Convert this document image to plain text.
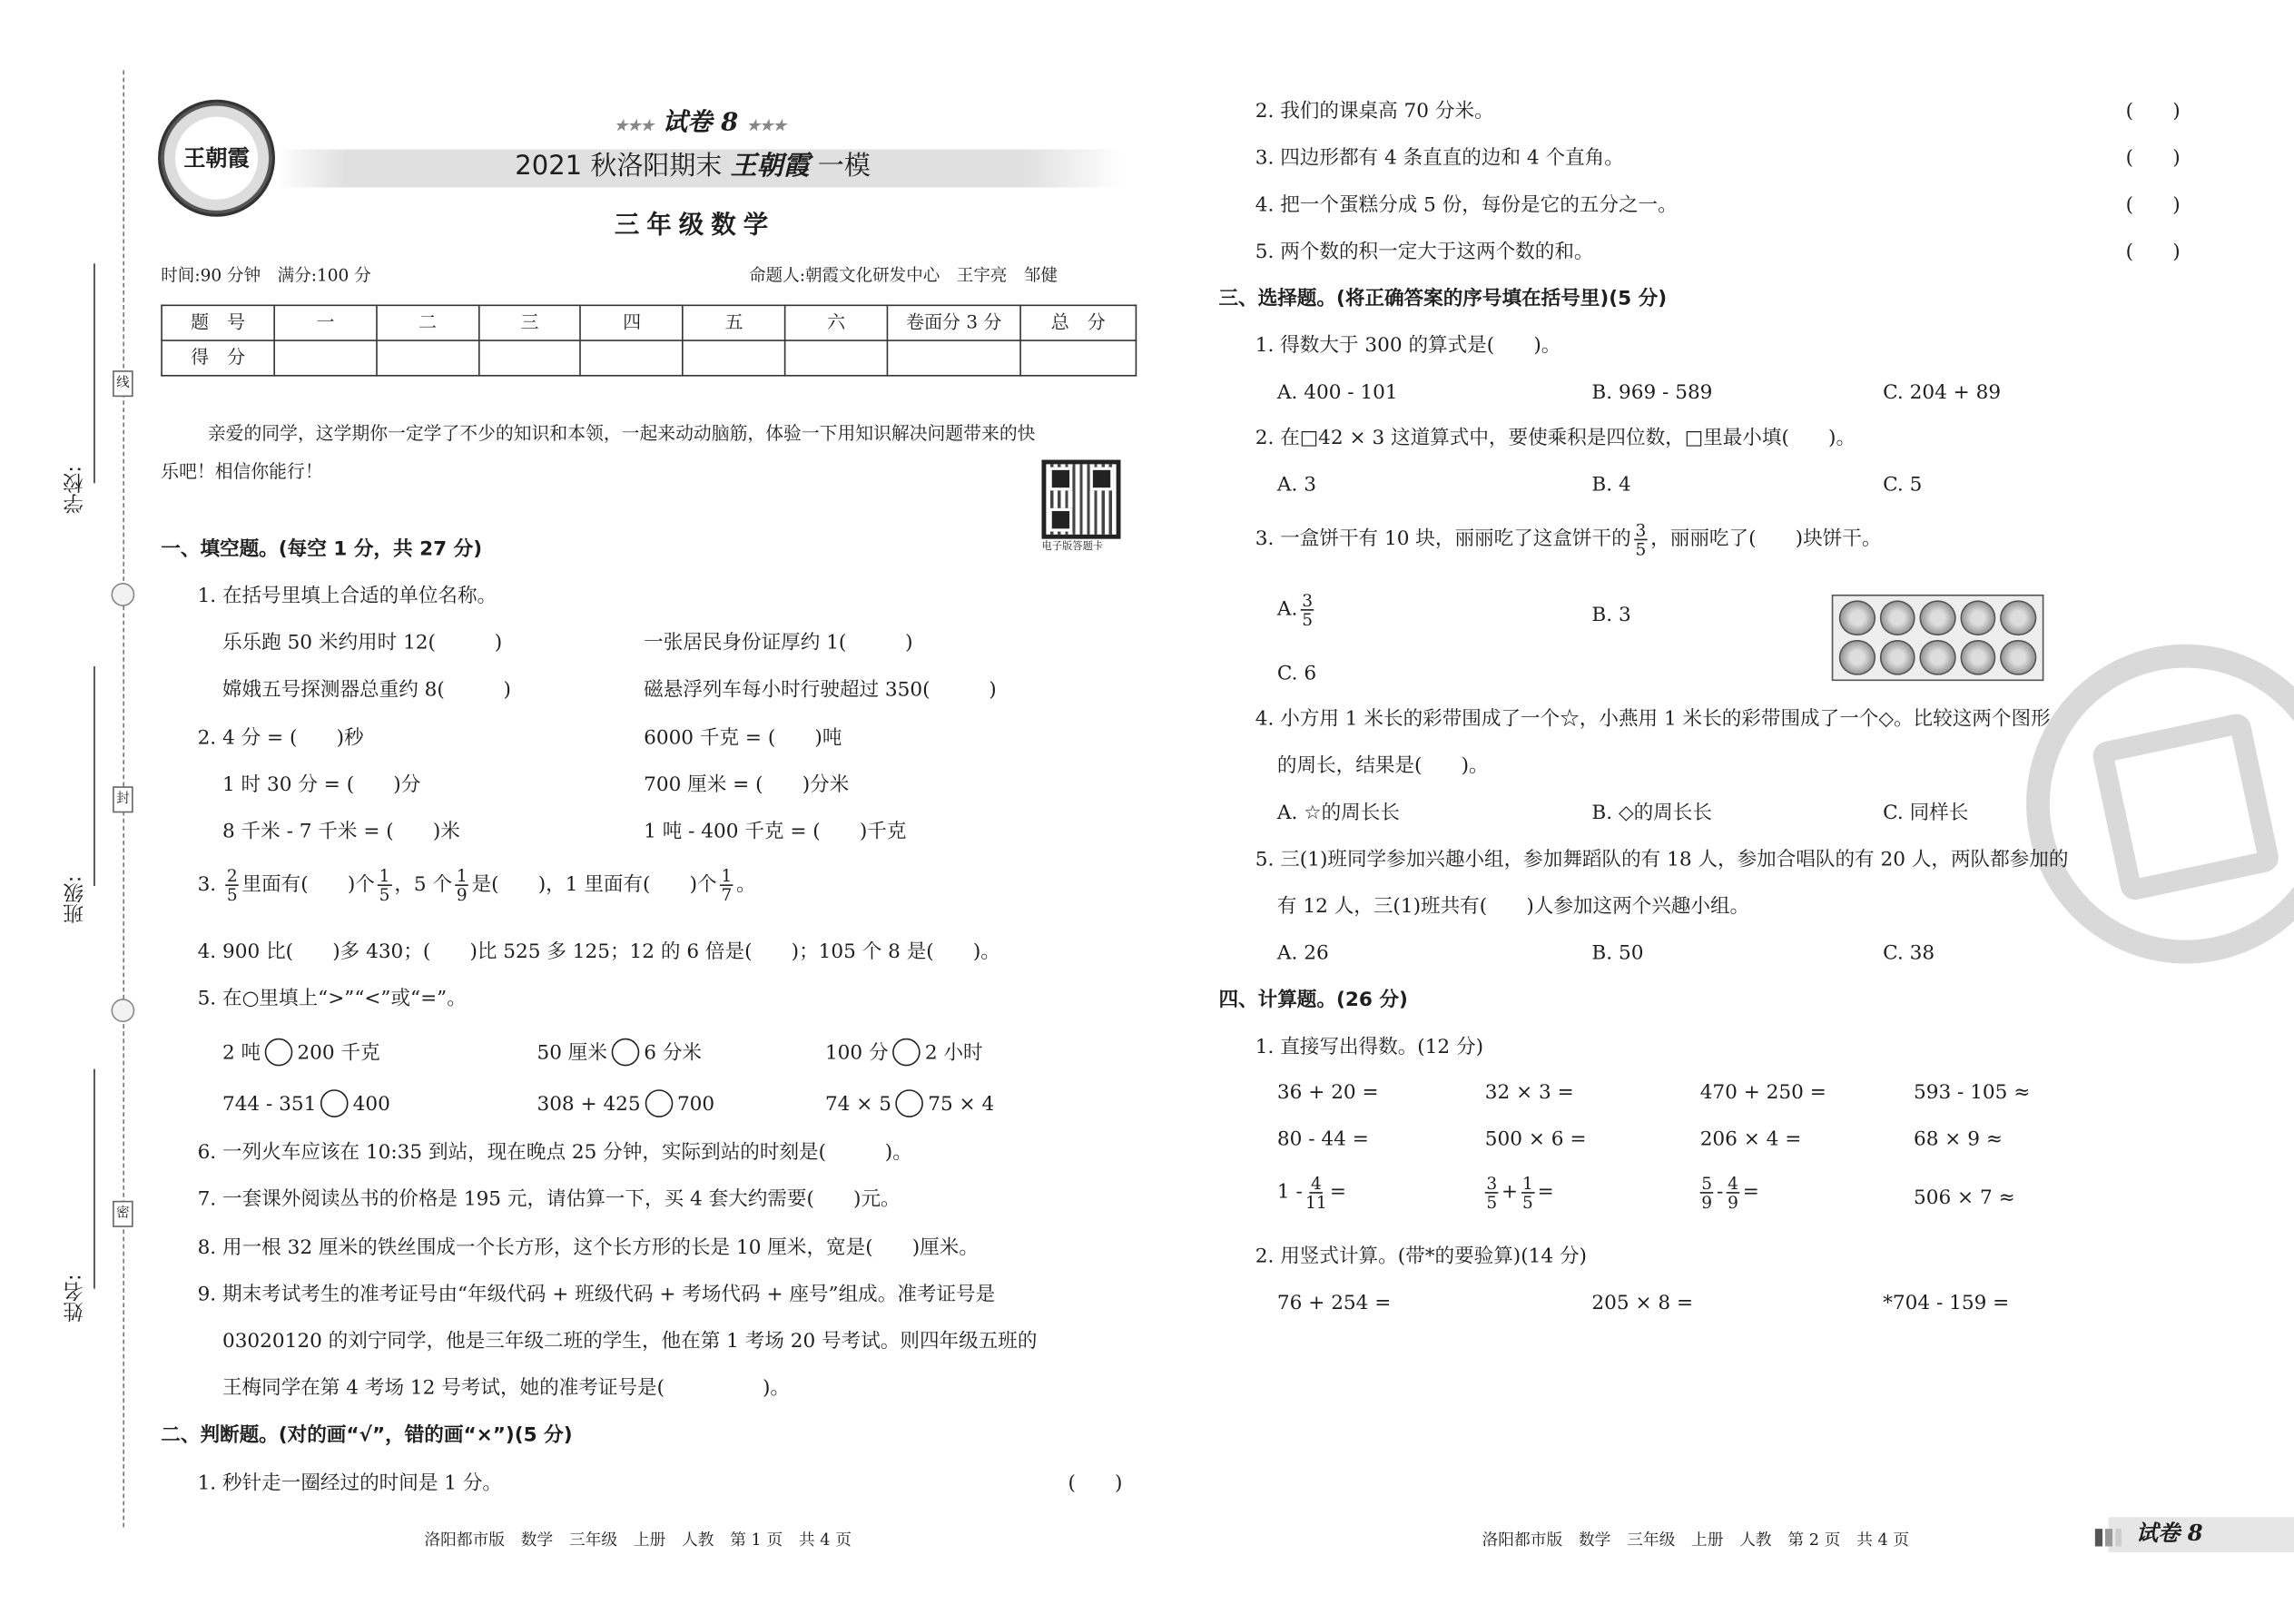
学校:
班级:
姓名:
线
封
密
王朝霞
★★★ 试卷 8 ★★★
2021 秋洛阳期末 王朝霞 一模
三年级数学
时间:90 分钟　满分:100 分	命题人:朝霞文化研发中心　王宇亮　邹健
题　号	一	二	三	四	五	六	卷面分 3 分	总　分
得　分								
亲爱的同学，这学期你一定学了不少的知识和本领，一起来动动脑筋，体验一下用知识解决问题带来的快
乐吧！相信你能行！
电子版答题卡
一、填空题。(每空 1 分，共 27 分)
1. 在括号里填上合适的单位名称。
乐乐跑 50 米约用时 12(　　　)	一张居民身份证厚约 1(　　　)
嫦娥五号探测器总重约 8(　　　)	磁悬浮列车每小时行驶超过 350(　　　)
2. 4 分 = (　　)秒	6000 千克 = (　　)吨
1 时 30 分 = (　　)分	700 厘米 = (　　)分米
8 千米 - 7 千米 = (　　)米	1 吨 - 400 千克 = (　　)千克
3. $\frac{2}{5}$ 里面有(　　)个 $\frac{1}{5}$ ，5 个 $\frac{1}{9}$ 是(　　)，1 里面有(　　)个 $\frac{1}{7}$ 。
4. 900 比(　　)多 430；(　　)比 525 多 125；12 的 6 倍是(　　)；105 个 8 是(　　)。
5. 在○里填上“>”“<”或“=”。
2 吨	200 千克	50 厘米	6 分米	100 分	2 小时
744 - 351	400	308 + 425	700	74 × 5	75 × 4
6. 一列火车应该在 10:35 到站，现在晚点 25 分钟，实际到站的时刻是(　　　)。
7. 一套课外阅读丛书的价格是 195 元，请估算一下，买 4 套大约需要(　　)元。
8. 用一根 32 厘米的铁丝围成一个长方形，这个长方形的长是 10 厘米，宽是(　　)厘米。
9. 期末考试考生的准考证号由“年级代码 + 班级代码 + 考场代码 + 座号”组成。准考证号是
03020120 的刘宁同学，他是三年级二班的学生，他在第 1 考场 20 号考试。则四年级五班的
王梅同学在第 4 考场 12 号考试，她的准考证号是(　　　　　)。
二、判断题。(对的画“√”，错的画“×”)(5 分)
1. 秒针走一圈经过的时间是 1 分。	(　　)
洛阳都市版　数学　三年级　上册　人教　第 1 页　共 4 页
2. 我们的课桌高 70 分米。	(　　)
3. 四边形都有 4 条直直的边和 4 个直角。	(　　)
4. 把一个蛋糕分成 5 份，每份是它的五分之一。	(　　)
5. 两个数的积一定大于这两个数的和。	(　　)
三、选择题。(将正确答案的序号填在括号里)(5 分)
1. 得数大于 300 的算式是(　　)。
A. 400 - 101	B. 969 - 589	C. 204 + 89
2. 在□42 × 3 这道算式中，要使乘积是四位数，□里最小填(　　)。
A. 3	B. 4	C. 5
3. 一盒饼干有 10 块，丽丽吃了这盒饼干的 $\frac{3}{5}$ ，丽丽吃了(　　)块饼干。
A. $\frac{3}{5}$	B. 3
C. 6
4. 小方用 1 米长的彩带围成了一个☆，小燕用 1 米长的彩带围成了一个◇。比较这两个图形
的周长，结果是(　　)。
A. ☆的周长长	B. ◇的周长长	C. 同样长
5. 三(1)班同学参加兴趣小组，参加舞蹈队的有 18 人，参加合唱队的有 20 人，两队都参加的
有 12 人，三(1)班共有(　　)人参加这两个兴趣小组。
A. 26	B. 50	C. 38
四、计算题。(26 分)
1. 直接写出得数。(12 分)
36 + 20 =	32 × 3 =	470 + 250 =	593 - 105 ≈
80 - 44 =	500 × 6 =	206 × 4 =	68 × 9 ≈
$1 - \frac{4}{11}$ =	$\frac{3}{5} + \frac{1}{5}$ =	$\frac{5}{9} - \frac{4}{9}$ =	506 × 7 ≈
2. 用竖式计算。(带*的要验算)(14 分)
76 + 254 =	205 × 8 =	*704 - 159 =
洛阳都市版　数学　三年级　上册　人教　第 2 页　共 4 页	试卷 8
